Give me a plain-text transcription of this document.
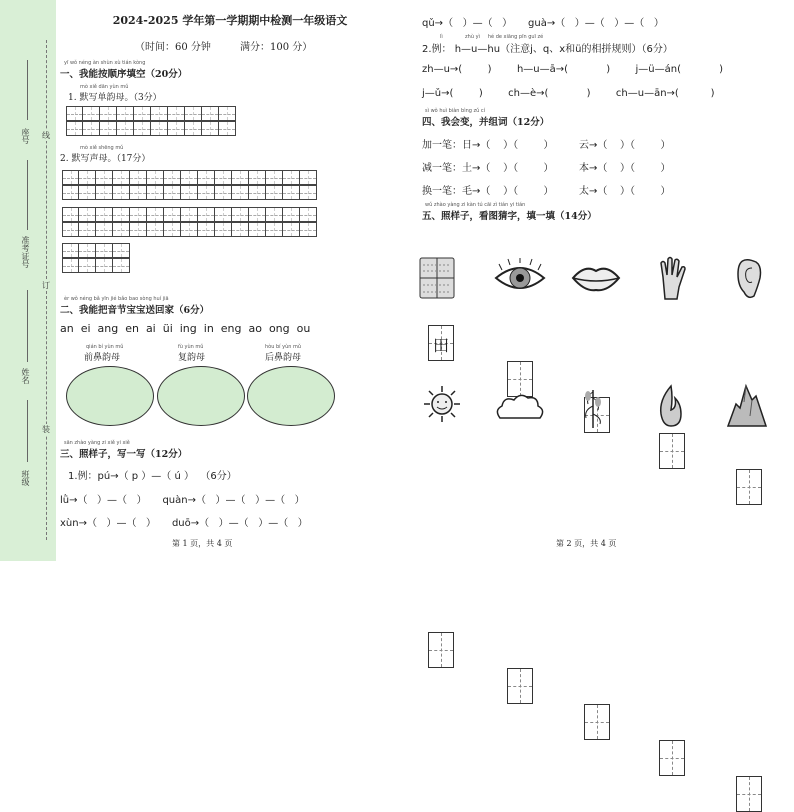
座号
准考证号
姓名
班级
线
订
装
2024-2025 学年第一学期期中检测一年级语文
（时间：60 分钟	满分：100 分）
yī wǒ néng àn shùn xù tián kòng
一、我能按顺序填空（20分）
mò xiě dān yùn mǔ
1. 默写单韵母。（3分）
mò xiě shēng mǔ
2. 默写声母。（17分）
èr wǒ néng bǎ yīn jié bǎo bao sòng huí jiā
二、我能把音节宝宝送回家（6分）
an  ei  ang  en  ai  üi  ing  in  eng  ao  ong  ou
qián bí yùn mǔ
前鼻韵母
fù yùn mǔ
复韵母
hòu bí yùn mǔ
后鼻韵母
sān zhào yàng zi xiě yi xiě
三、照样子，写一写（12分）
1.例：pú→（ p ）—（ ú ）  （6分）
lǜ→（   ）—（   ）     quàn→（   ）—（   ）—（   ）
xùn→（   ）—（   ）     duō→（   ）—（   ）—（   ）
第 1 页，共 4 页
qǔ→（   ）—（   ）     guà→（   ）—（   ）—（   ）
lì              zhù yì     hé de xiāng pīn guī zé
2.例： h—u—hu（注意j、q、x和ü的相拼规则）（6分）
zh—u→(        )        h—u—ā→(            )        j—ü—án(            )
j—ǔ→(        )        ch—è→(            )        ch—u—ān→(          )
sì wǒ huì biàn bìng zǔ cí
四、我会变，并组词（12分）
加一笔：日→（    ）（        ）        云→（    ）（        ）
减一笔：土→（    ）（        ）        本→（    ）（        ）
换一笔：毛→（    ）（        ）        太→（    ）（        ）
wǔ zhào yàng zi kàn tú cāi zì tián yi tián
五、照样子，看图猜字，填一填（14分）
田
第 2 页，共 4 页
